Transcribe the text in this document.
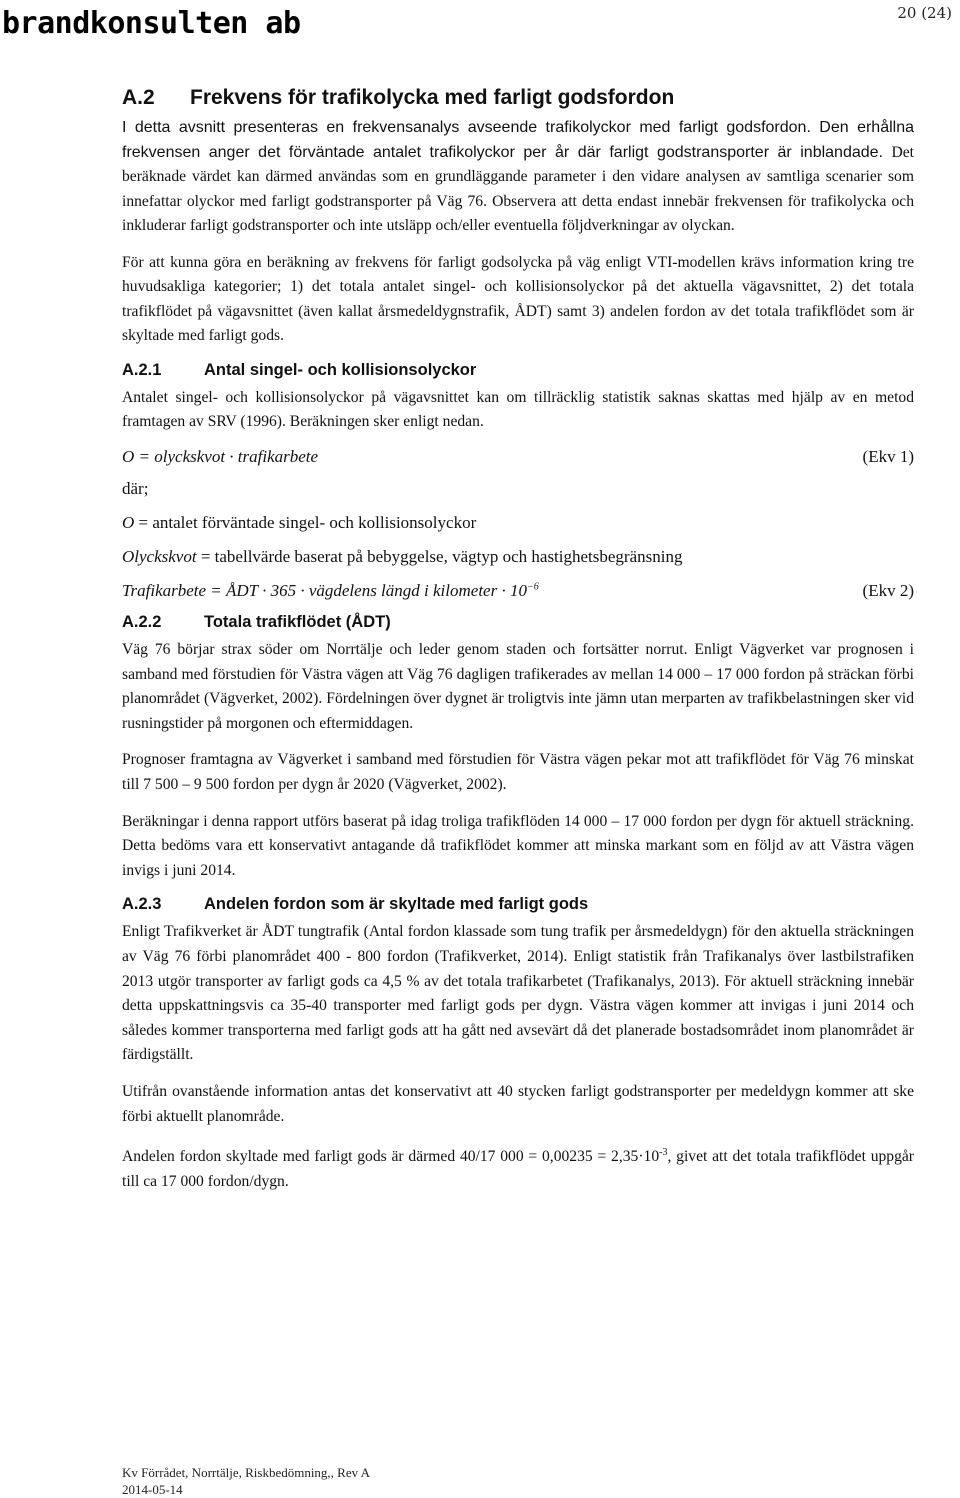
brandkonsulten ab	20 (24)
A.2	Frekvens för trafikolycka med farligt godsfordon

I detta avsnitt presenteras en frekvensanalys avseende trafikolyckor med farligt godsfordon. Den erhållna frekvensen anger det förväntade antalet trafikolyckor per år där farligt godstransporter är inblandade. Det beräknade värdet kan därmed användas som en grundläggande parameter i den vidare analysen av samtliga scenarier som innefattar olyckor med farligt godstransporter på Väg 76. Observera att detta endast innebär frekvensen för trafikolycka och inkluderar farligt godstransporter och inte utsläpp och/eller eventuella följdverkningar av olyckan.

För att kunna göra en beräkning av frekvens för farligt godsolycka på väg enligt VTI-modellen krävs information kring tre huvudsakliga kategorier; 1) det totala antalet singel- och kollisionsolyckor på det aktuella vägavsnittet, 2) det totala trafikflödet på vägavsnittet (även kallat årsmedeldygnstrafik, ÅDT) samt 3) andelen fordon av det totala trafikflödet som är skyltade med farligt gods.

A.2.1	Antal singel- och kollisionsolyckor

Antalet singel- och kollisionsolyckor på vägavsnittet kan om tillräcklig statistik saknas skattas med hjälp av en metod framtagen av SRV (1996). Beräkningen sker enligt nedan.

O = olyckskvot · trafikarbete	(Ekv 1)
där;
O = antalet förväntade singel- och kollisionsolyckor
Olyckskvot = tabellvärde baserat på bebyggelse, vägtyp och hastighetsbegränsning
Trafikarbete = ÅDT · 365 · vägdelens längd i kilometer · $10^{-6}$	(Ekv 2)
A.2.2	Totala trafikflödet (ÅDT)

Väg 76 börjar strax söder om Norrtälje och leder genom staden och fortsätter norrut. Enligt Vägverket var prognosen i samband med förstudien för Västra vägen att Väg 76 dagligen trafikerades av mellan 14 000 – 17 000 fordon på sträckan förbi planområdet (Vägverket, 2002). Fördelningen över dygnet är troligtvis inte jämn utan merparten av trafikbelastningen sker vid rusningstider på morgonen och eftermiddagen.

Prognoser framtagna av Vägverket i samband med förstudien för Västra vägen pekar mot att trafikflödet för Väg 76 minskat till 7 500 – 9 500 fordon per dygn år 2020 (Vägverket, 2002).

Beräkningar i denna rapport utförs baserat på idag troliga trafikflöden 14 000 – 17 000 fordon per dygn för aktuell sträckning. Detta bedöms vara ett konservativt antagande då trafikflödet kommer att minska markant som en följd av att Västra vägen invigs i juni 2014.

A.2.3	Andelen fordon som är skyltade med farligt gods

Enligt Trafikverket är ÅDT tungtrafik (Antal fordon klassade som tung trafik per årsmedeldygn) för den aktuella sträckningen av Väg 76 förbi planområdet 400 - 800 fordon (Trafikverket, 2014). Enligt statistik från Trafikanalys över lastbilstrafiken 2013 utgör transporter av farligt gods ca 4,5 % av det totala trafikarbetet (Trafikanalys, 2013). För aktuell sträckning innebär detta uppskattningsvis ca 35-40 transporter med farligt gods per dygn. Västra vägen kommer att invigas i juni 2014 och således kommer transporterna med farligt gods att ha gått ned avsevärt då det planerade bostadsområdet inom planområdet är färdigställt.

Utifrån ovanstående information antas det konservativt att 40 stycken farligt godstransporter per medeldygn kommer att ske förbi aktuellt planområde.

Andelen fordon skyltade med farligt gods är därmed 40/17 $000 = 0,00235 = 2,35\cdot 10^{-3}$, givet att det totala trafikflödet uppgår till ca 17 000 fordon/dygn.

Kv Förrådet, Norrtälje, Riskbedömning,, Rev A
2014-05-14
